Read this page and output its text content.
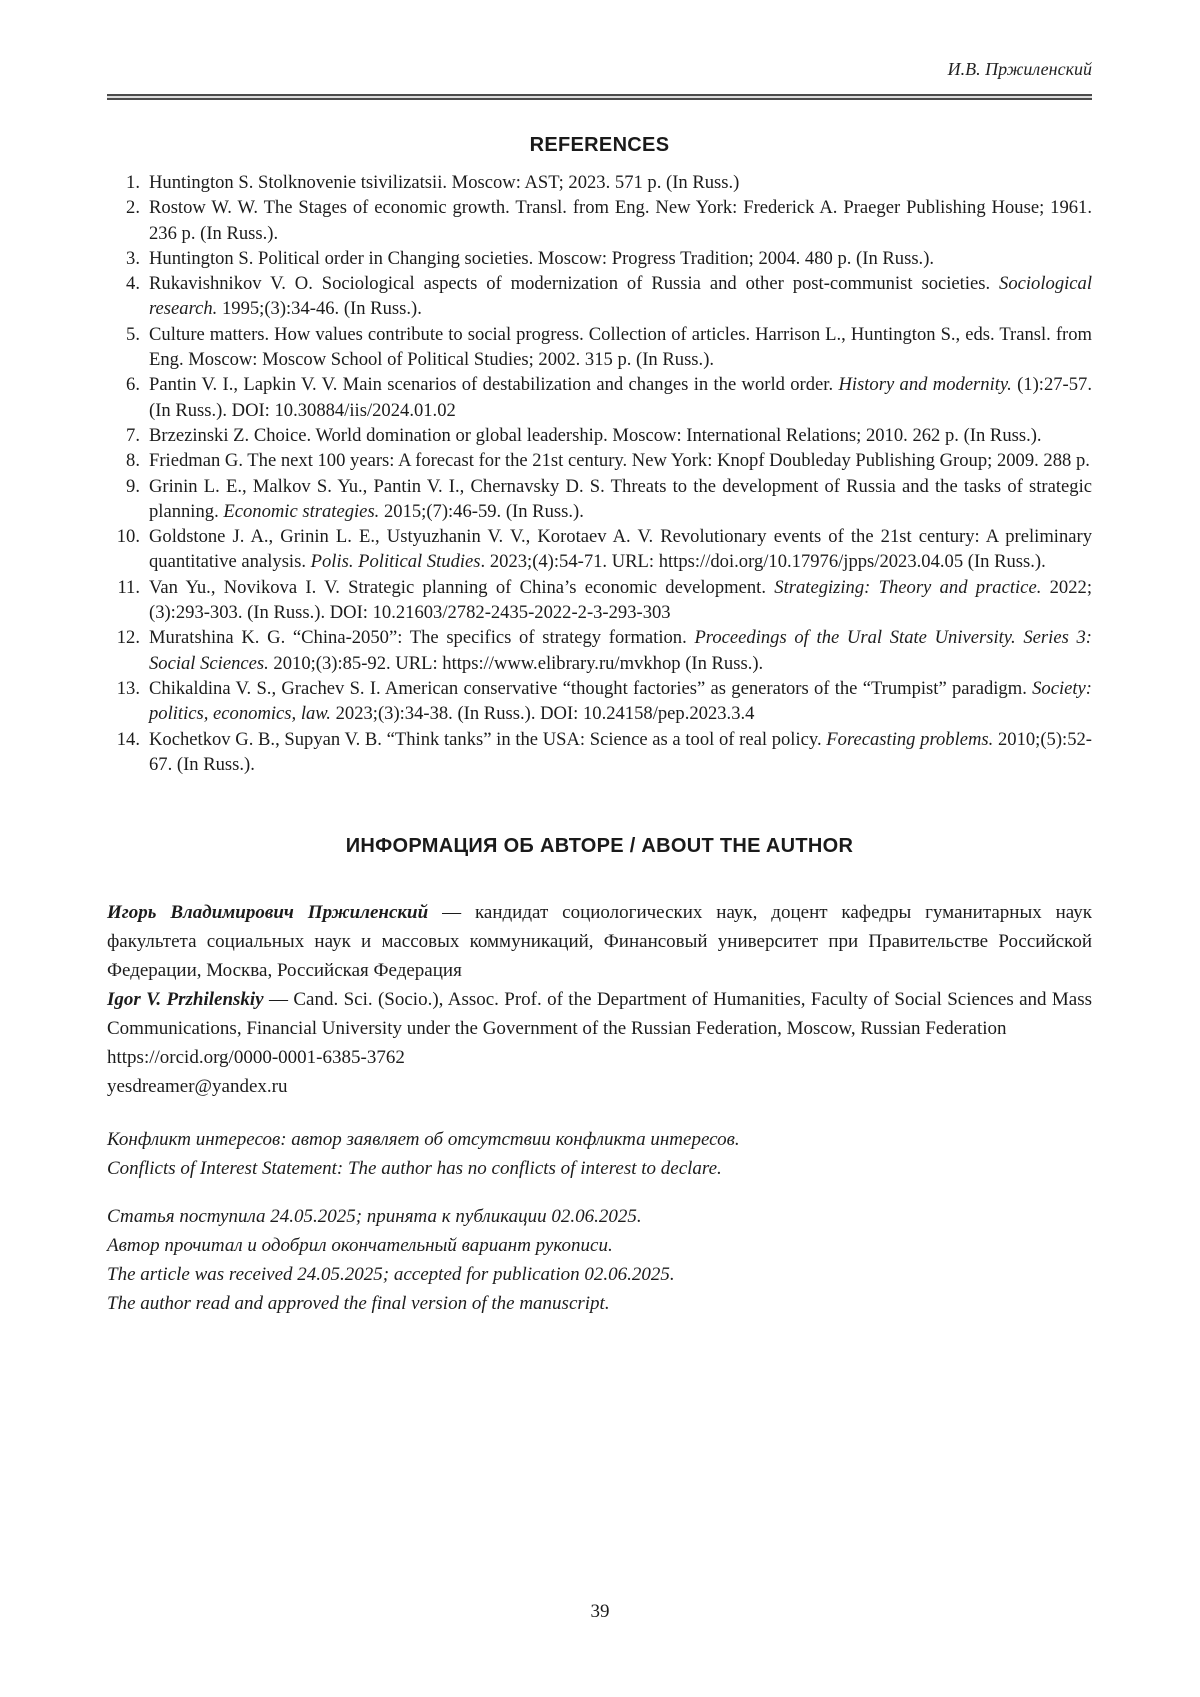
И.В. Пржиленский
REFERENCES
1. Huntington S. Stolknovenie tsivilizatsii. Moscow: AST; 2023. 571 p. (In Russ.)
2. Rostow W. W. The Stages of economic growth. Transl. from Eng. New York: Frederick A. Praeger Publishing House; 1961. 236 p. (In Russ.).
3. Huntington S. Political order in Changing societies. Moscow: Progress Tradition; 2004. 480 p. (In Russ.).
4. Rukavishnikov V. O. Sociological aspects of modernization of Russia and other post-communist societies. Sociological research. 1995;(3):34-46. (In Russ.).
5. Culture matters. How values contribute to social progress. Collection of articles. Harrison L., Huntington S., eds. Transl. from Eng. Moscow: Moscow School of Political Studies; 2002. 315 p. (In Russ.).
6. Pantin V. I., Lapkin V. V. Main scenarios of destabilization and changes in the world order. History and modernity. (1):27-57. (In Russ.). DOI: 10.30884/iis/2024.01.02
7. Brzezinski Z. Choice. World domination or global leadership. Moscow: International Relations; 2010. 262 p. (In Russ.).
8. Friedman G. The next 100 years: A forecast for the 21st century. New York: Knopf Doubleday Publishing Group; 2009. 288 p.
9. Grinin L. E., Malkov S. Yu., Pantin V. I., Chernavsky D. S. Threats to the development of Russia and the tasks of strategic planning. Economic strategies. 2015;(7):46-59. (In Russ.).
10. Goldstone J. A., Grinin L. E., Ustyuzhanin V. V., Korotaev A. V. Revolutionary events of the 21st century: A preliminary quantitative analysis. Polis. Political Studies. 2023;(4):54-71. URL: https://doi.org/10.17976/jpps/2023.04.05 (In Russ.).
11. Van Yu., Novikova I. V. Strategic planning of China’s economic development. Strategizing: Theory and practice. 2022;(3):293-303. (In Russ.). DOI: 10.21603/2782-2435-2022-2-3-293-303
12. Muratshina K. G. “China-2050”: The specifics of strategy formation. Proceedings of the Ural State University. Series 3: Social Sciences. 2010;(3):85-92. URL: https://www.elibrary.ru/mvkhop (In Russ.).
13. Chikaldina V. S., Grachev S. I. American conservative “thought factories” as generators of the “Trumpist” paradigm. Society: politics, economics, law. 2023;(3):34-38. (In Russ.). DOI: 10.24158/pep.2023.3.4
14. Kochetkov G. B., Supyan V. B. “Think tanks” in the USA: Science as a tool of real policy. Forecasting problems. 2010;(5):52-67. (In Russ.).
ИНФОРМАЦИЯ ОБ АВТОРЕ / ABOUT THE AUTHOR

Игорь Владимирович Пржиленский — кандидат социологических наук, доцент кафедры гуманитарных наук факультета социальных наук и массовых коммуникаций, Финансовый университет при Правительстве Российской Федерации, Москва, Российская Федерация

Igor V. Przhilenskiy — Cand. Sci. (Socio.), Assoc. Prof. of the Department of Humanities, Faculty of Social Sciences and Mass Communications, Financial University under the Government of the Russian Federation, Moscow, Russian Federation

https://orcid.org/0000-0001-6385-3762
yesdreamer@yandex.ru
Конфликт интересов: автор заявляет об отсутствии конфликта интересов.
Conflicts of Interest Statement: The author has no conflicts of interest to declare.
Статья поступила 24.05.2025; принята к публикации 02.06.2025.
Автор прочитал и одобрил окончательный вариант рукописи.
The article was received 24.05.2025; accepted for publication 02.06.2025.
The author read and approved the final version of the manuscript.
39
